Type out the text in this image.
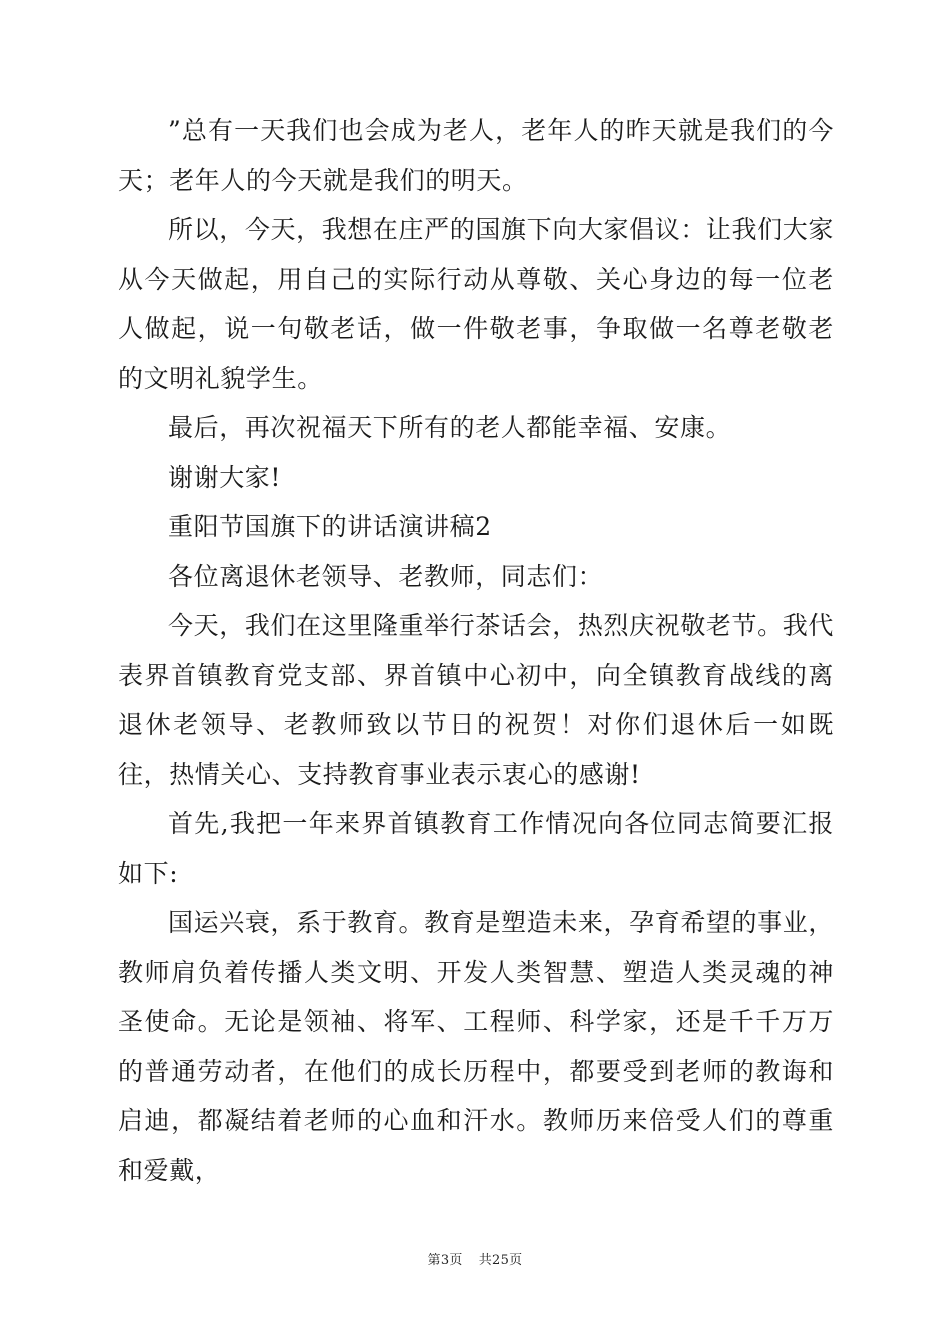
”总有一天我们也会成为老人，老年人的昨天就是我们的今天；老年人的今天就是我们的明天。

所以，今天，我想在庄严的国旗下向大家倡议：让我们大家从今天做起，用自己的实际行动从尊敬、关心身边的每一位老人做起，说一句敬老话，做一件敬老事，争取做一名尊老敬老的文明礼貌学生。

最后，再次祝福天下所有的老人都能幸福、安康。

谢谢大家!

重阳节国旗下的讲话演讲稿2

各位离退休老领导、老教师，同志们：

今天，我们在这里隆重举行茶话会，热烈庆祝敬老节。我代表界首镇教育党支部、界首镇中心初中，向全镇教育战线的离退休老领导、老教师致以节日的祝贺！对你们退休后一如既往，热情关心、支持教育事业表示衷心的感谢!

首先,我把一年来界首镇教育工作情况向各位同志简要汇报如下:

国运兴衰，系于教育。教育是塑造未来，孕育希望的事业，教师肩负着传播人类文明、开发人类智慧、塑造人类灵魂的神圣使命。无论是领袖、将军、工程师、科学家，还是千千万万的普通劳动者，在他们的成长历程中，都要受到老师的教诲和启迪，都凝结着老师的心血和汗水。教师历来倍受人们的尊重和爱戴，

第3页 共25页
